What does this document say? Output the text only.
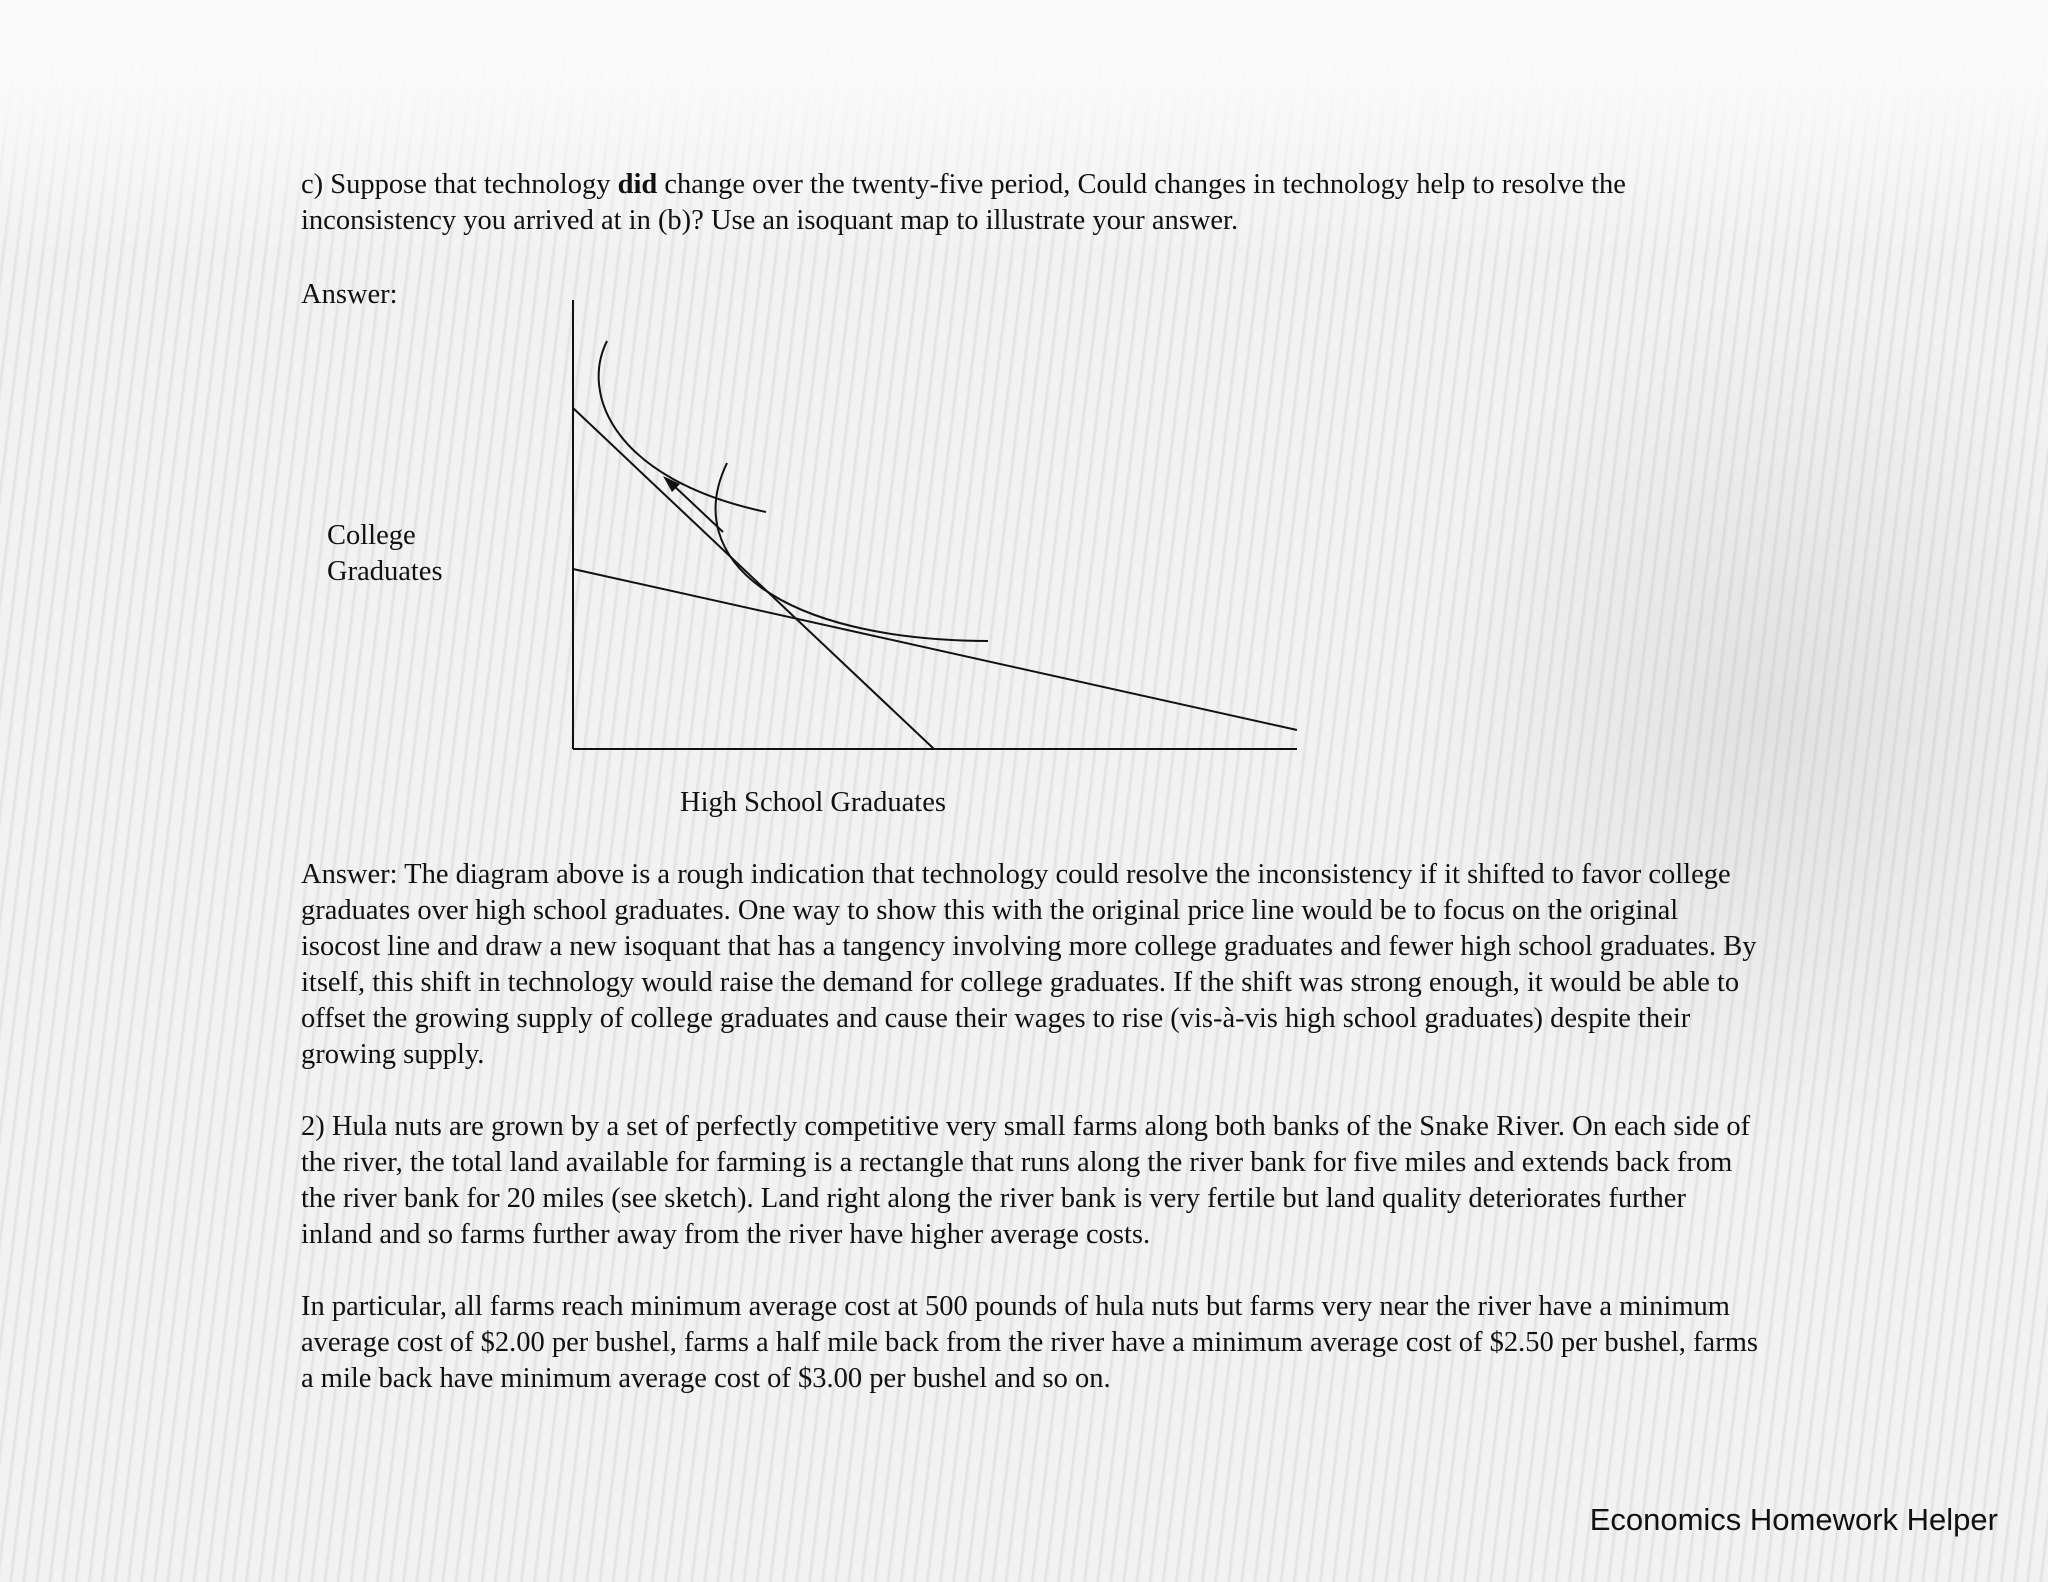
c) Suppose that technology did change over the twenty-five period, Could changes in technology help to resolve the inconsistency you arrived at in (b)? Use an isoquant map to illustrate your answer.

Answer:
College
Graduates
High School Graduates

Answer: The diagram above is a rough indication that technology could resolve the inconsistency if it shifted to favor college graduates over high school graduates. One way to show this with the original price line would be to focus on the original isocost line and draw a new isoquant that has a tangency involving more college graduates and fewer high school graduates. By itself, this shift in technology would raise the demand for college graduates. If the shift was strong enough, it would be able to offset the growing supply of college graduates and cause their wages to rise (vis-à-vis high school graduates) despite their growing supply.

2) Hula nuts are grown by a set of perfectly competitive very small farms along both banks of the Snake River. On each side of the river, the total land available for farming is a rectangle that runs along the river bank for five miles and extends back from the river bank for 20 miles (see sketch). Land right along the river bank is very fertile but land quality deteriorates further inland and so farms further away from the river have higher average costs.

In particular, all farms reach minimum average cost at 500 pounds of hula nuts but farms very near the river have a minimum average cost of $2.00 per bushel, farms a half mile back from the river have a minimum average cost of $2.50 per bushel, farms a mile back have minimum average cost of $3.00 per bushel and so on.

Economics Homework Helper
